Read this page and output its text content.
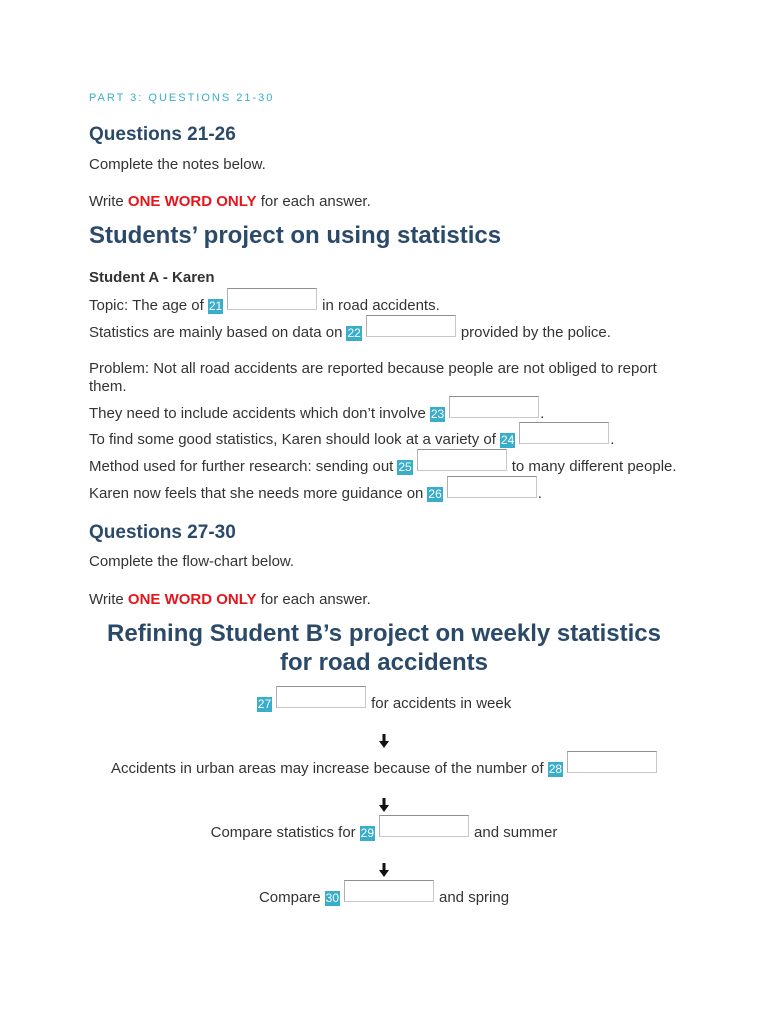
PART 3: QUESTIONS 21-30
Questions 21-26
Complete the notes below.
Write ONE WORD ONLY for each answer.
Students’ project on using statistics
Student A - Karen
Topic: The age of 21	in road accidents.
Statistics are mainly based on data on 22	provided by the police.
Problem: Not all road accidents are reported because people are not obliged to report them.
They need to include accidents which don’t involve 23	.
To find some good statistics, Karen should look at a variety of 24	.
Method used for further research: sending out 25	to many different people.
Karen now feels that she needs more guidance on 26	.
Questions 27-30
Complete the flow-chart below.
Write ONE WORD ONLY for each answer.
Refining Student B’s project on weekly statistics for road accidents
27	for accidents in week
Accidents in urban areas may increase because of the number of 28
Compare statistics for 29	and summer
Compare 30	and spring
